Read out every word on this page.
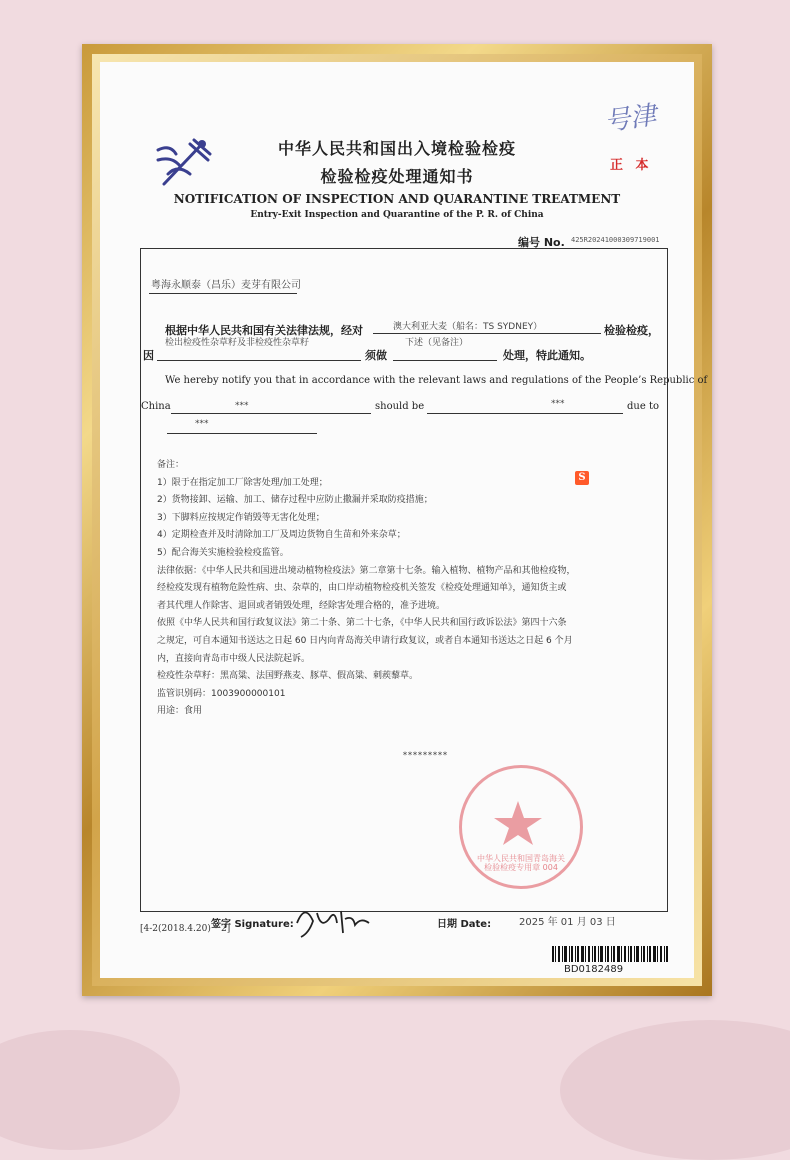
号津
正 本
中华人民共和国出入境检验检疫
检验检疫处理通知书
NOTIFICATION OF INSPECTION AND QUARANTINE TREATMENT
Entry-Exit Inspection and Quarantine of the P. R. of China
编号 No. 425R20241000309719001
粤海永顺泰（昌乐）麦芽有限公司
根据中华人民共和国有关法律法规，经对	澳大利亚大麦（船名：TS SYDNEY）	检验检疫，
检出检疫性杂草籽及非检疫性杂草籽
因	须做
下述（见备注）
处理，特此通知。
We hereby notify you that in accordance with the relevant laws and regulations of the People’s Republic of
China	***	should be	***	due to
***
备注：
1）限于在指定加工厂除害处理/加工处理；
2）货物接卸、运输、加工、储存过程中应防止撒漏并采取防疫措施；
3）下脚料应按规定作销毁等无害化处理；
4）定期检查并及时清除加工厂及周边货物自生苗和外来杂草；
5）配合海关实施检验检疫监管。
法律依据：《中华人民共和国进出境动植物检疫法》第二章第十七条。输入植物、植物产品和其他检疫物，
经检疫发现有植物危险性病、虫、杂草的，由口岸动植物检疫机关签发《检疫处理通知单》，通知货主或
者其代理人作除害、退回或者销毁处理，经除害处理合格的，准予进境。
依照《中华人民共和国行政复议法》第二十条、第二十七条，《中华人民共和国行政诉讼法》第四十六条
之规定，可自本通知书送达之日起 60 日内向青岛海关申请行政复议，或者自本通知书送达之日起 6 个月
内，直接向青岛市中级人民法院起诉。
检疫性杂草籽：黑高粱、法国野燕麦、豚草、假高粱、刺蒺藜草。
监管识别码：1003900000101
用途：食用
S
*********
中华人民共和国青岛海关 检验检疫专用章 004
签字 Signature:	日期 Date:	2025 年 01 月 03 日
[4-2(2018.4.20) * 2]
BD0182489
